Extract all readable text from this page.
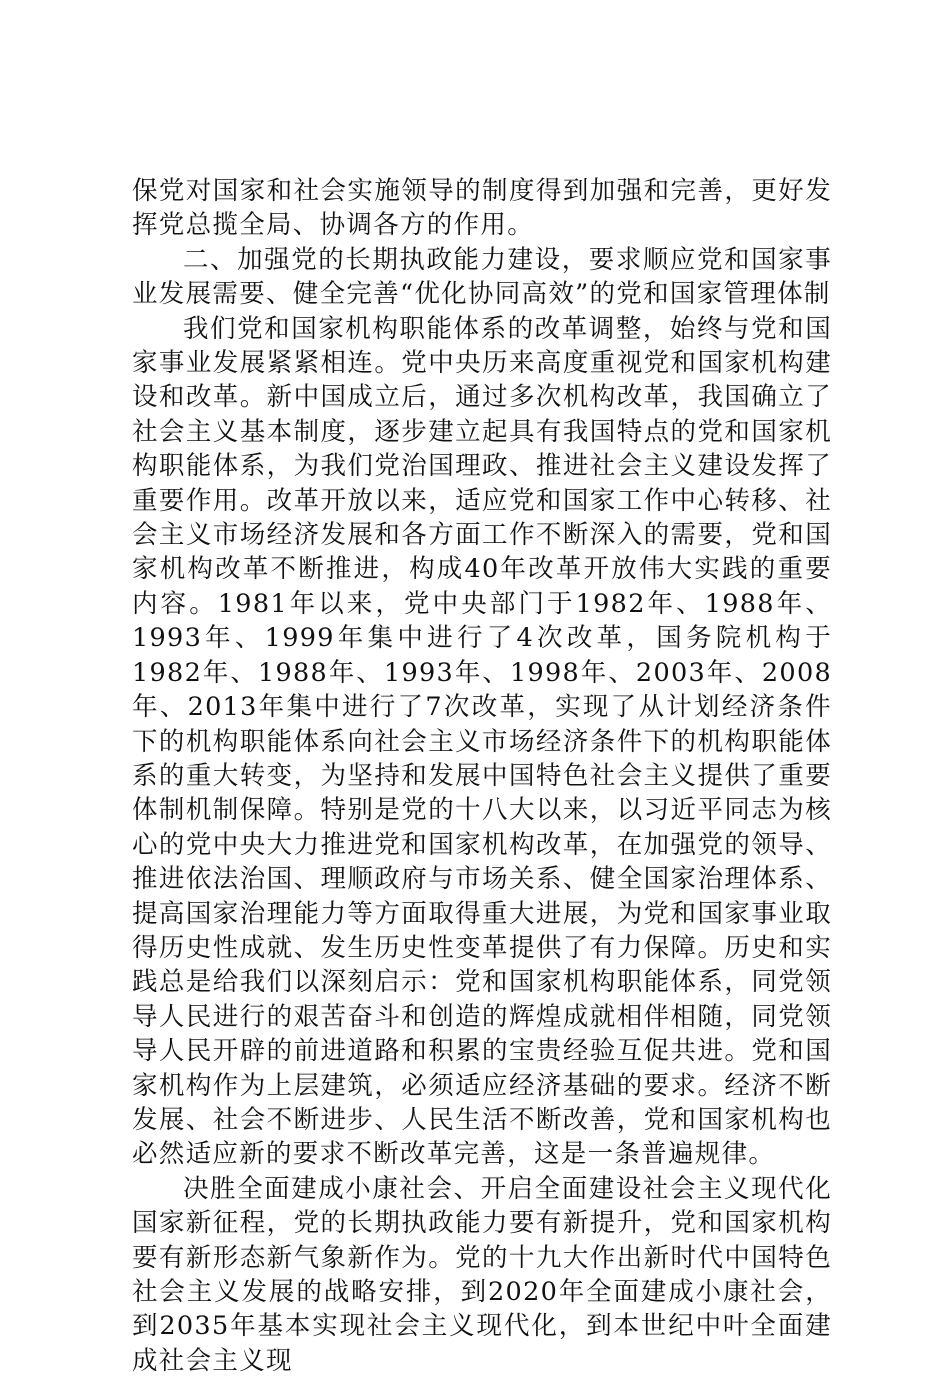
保党对国家和社会实施领导的制度得到加强和完善，更好发挥党总揽全局、协调各方的作用。

二、加强党的长期执政能力建设，要求顺应党和国家事业发展需要、健全完善“优化协同高效”的党和国家管理体制

我们党和国家机构职能体系的改革调整，始终与党和国家事业发展紧紧相连。党中央历来高度重视党和国家机构建设和改革。新中国成立后，通过多次机构改革，我国确立了社会主义基本制度，逐步建立起具有我国特点的党和国家机构职能体系，为我们党治国理政、推进社会主义建设发挥了重要作用。改革开放以来，适应党和国家工作中心转移、社会主义市场经济发展和各方面工作不断深入的需要，党和国家机构改革不断推进，构成40年改革开放伟大实践的重要内容。1981年以来，党中央部门于1982年、1988年、1993年、1999年集中进行了4次改革，国务院机构于1982年、1988年、1993年、1998年、2003年、2008年、2013年集中进行了7次改革，实现了从计划经济条件下的机构职能体系向社会主义市场经济条件下的机构职能体系的重大转变，为坚持和发展中国特色社会主义提供了重要体制机制保障。特别是党的十八大以来，以习近平同志为核心的党中央大力推进党和国家机构改革，在加强党的领导、推进依法治国、理顺政府与市场关系、健全国家治理体系、提高国家治理能力等方面取得重大进展，为党和国家事业取得历史性成就、发生历史性变革提供了有力保障。历史和实践总是给我们以深刻启示：党和国家机构职能体系，同党领导人民进行的艰苦奋斗和创造的辉煌成就相伴相随，同党领导人民开辟的前进道路和积累的宝贵经验互促共进。党和国家机构作为上层建筑，必须适应经济基础的要求。经济不断发展、社会不断进步、人民生活不断改善，党和国家机构也必然适应新的要求不断改革完善，这是一条普遍规律。

决胜全面建成小康社会、开启全面建设社会主义现代化国家新征程，党的长期执政能力要有新提升，党和国家机构要有新形态新气象新作为。党的十九大作出新时代中国特色社会主义发展的战略安排，到2020年全面建成小康社会，到2035年基本实现社会主义现代化，到本世纪中叶全面建成社会主义现
